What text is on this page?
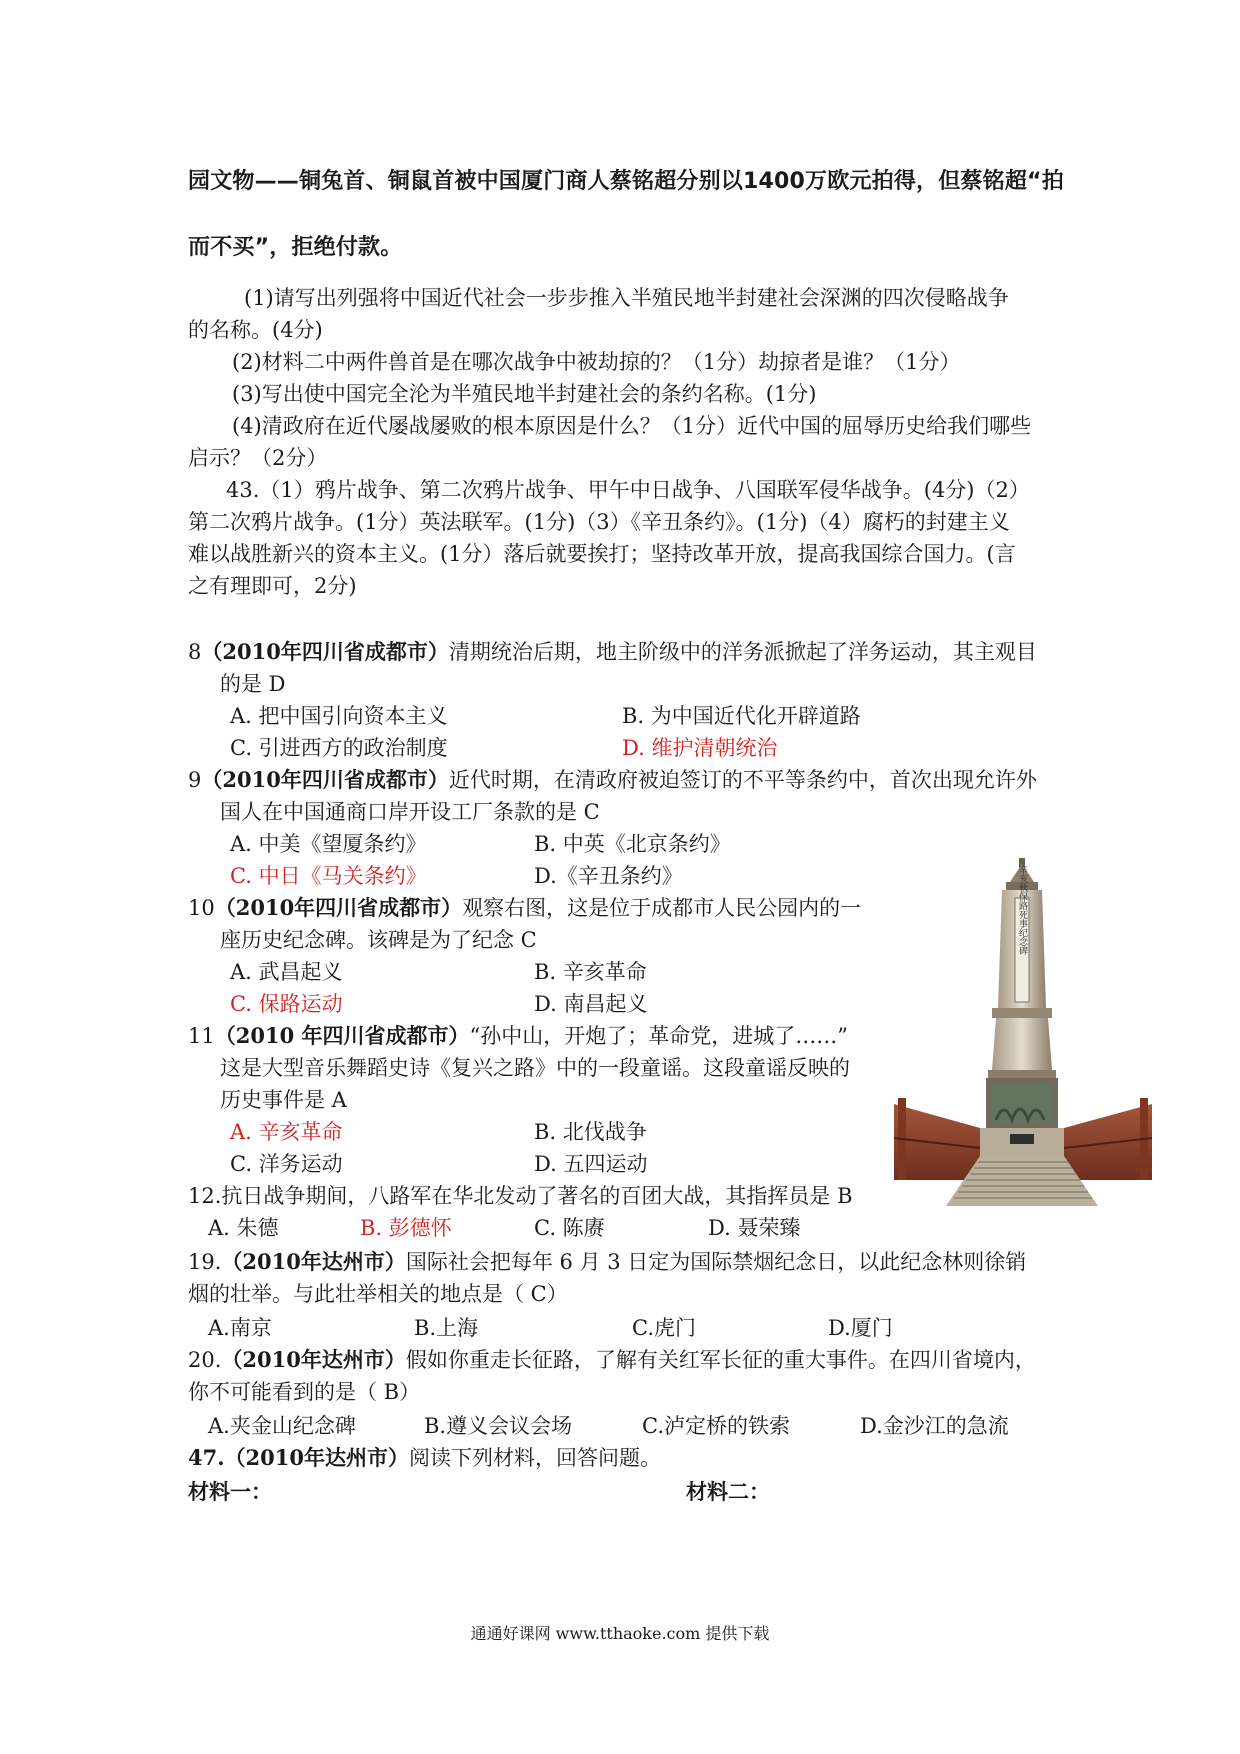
园文物——铜兔首、铜鼠首被中国厦门商人蔡铭超分别以1400万欧元拍得，但蔡铭超“拍
而不买”，拒绝付款。
(1)请写出列强将中国近代社会一步步推入半殖民地半封建社会深渊的四次侵略战争
的名称。(4分)
(2)材料二中两件兽首是在哪次战争中被劫掠的？（1分）劫掠者是谁？（1分）
(3)写出使中国完全沦为半殖民地半封建社会的条约名称。(1分)
(4)清政府在近代屡战屡败的根本原因是什么？（1分）近代中国的屈辱历史给我们哪些
启示？（2分）
43.（1）鸦片战争、第二次鸦片战争、甲午中日战争、八国联军侵华战争。(4分)（2）
第二次鸦片战争。(1分）英法联军。(1分)（3）《辛丑条约》。(1分)（4）腐朽的封建主义
难以战胜新兴的资本主义。(1分）落后就要挨打；坚持改革开放，提高我国综合国力。(言
之有理即可，2分)
8（2010年四川省成都市）清期统治后期，地主阶级中的洋务派掀起了洋务运动，其主观目
的是 D
A. 把中国引向资本主义	B. 为中国近代化开辟道路
C. 引进西方的政治制度	D. 维护清朝统治
9（2010年四川省成都市）近代时期，在清政府被迫签订的不平等条约中，首次出现允许外
国人在中国通商口岸开设工厂条款的是 C
A. 中美《望厦条约》	B. 中英《北京条约》
C. 中日《马关条约》	D.《辛丑条约》
10（2010年四川省成都市）观察右图，这是位于成都市人民公园内的一
座历史纪念碑。该碑是为了纪念 C
A. 武昌起义	B. 辛亥革命
C. 保路运动	D. 南昌起义
11（2010 年四川省成都市）“孙中山，开炮了；革命党，进城了……”
这是大型音乐舞蹈史诗《复兴之路》中的一段童谣。这段童谣反映的
历史事件是 A
A. 辛亥革命	B. 北伐战争
C. 洋务运动	D. 五四运动
12.抗日战争期间，八路军在华北发动了著名的百团大战，其指挥员是 B
A. 朱德	B. 彭德怀	C. 陈赓	D. 聂荣臻
19.（2010年达州市）国际社会把每年 6 月 3 日定为国际禁烟纪念日，以此纪念林则徐销
烟的壮举。与此壮举相关的地点是（ C）
A.南京	B.上海	C.虎门	D.厦门
20.（2010年达州市）假如你重走长征路，了解有关红军长征的重大事件。在四川省境内，
你不可能看到的是（ B）
A.夹金山纪念碑	B.遵义会议会场	C.泸定桥的铁索	D.金沙江的急流
47.（2010年达州市）阅读下列材料，回答问题。
材料一：	材料二：
辛亥秋保路死事纪念碑
通通好课网 www.tthaoke.com 提供下载
